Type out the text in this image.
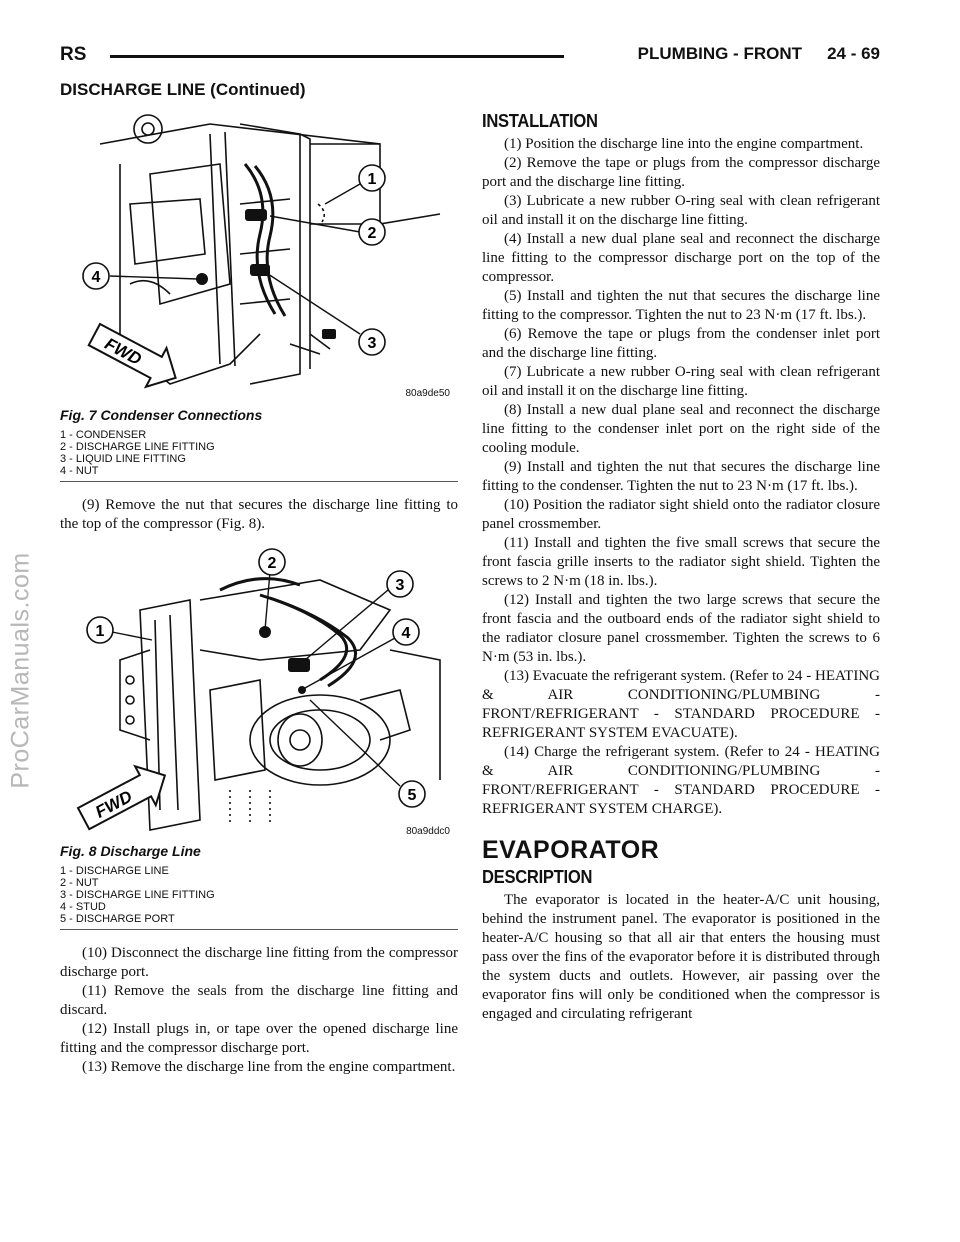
ProCarManuals.com
RS	PLUMBING - FRONT 24 - 69
DISCHARGE LINE (Continued)
1
2
3
4
FWD
80a9de50
Fig. 7 Condenser Connections
1 - CONDENSER
2 - DISCHARGE LINE FITTING
3 - LIQUID LINE FITTING
4 - NUT

(9) Remove the nut that secures the discharge line fitting to the top of the compressor (Fig. 8).

1
2
3
4
5
FWD
80a9ddc0
Fig. 8 Discharge Line
1 - DISCHARGE LINE
2 - NUT
3 - DISCHARGE LINE FITTING
4 - STUD
5 - DISCHARGE PORT

(10) Disconnect the discharge line fitting from the compressor discharge port.

(11) Remove the seals from the discharge line fitting and discard.

(12) Install plugs in, or tape over the opened discharge line fitting and the compressor discharge port.

(13) Remove the discharge line from the engine compartment.

INSTALLATION

(1) Position the discharge line into the engine compartment.

(2) Remove the tape or plugs from the compressor discharge port and the discharge line fitting.

(3) Lubricate a new rubber O-ring seal with clean refrigerant oil and install it on the discharge line fitting.

(4) Install a new dual plane seal and reconnect the discharge line fitting to the compressor discharge port on the top of the compressor.

(5) Install and tighten the nut that secures the discharge line fitting to the compressor. Tighten the nut to 23 N·m (17 ft. lbs.).

(6) Remove the tape or plugs from the condenser inlet port and the discharge line fitting.

(7) Lubricate a new rubber O-ring seal with clean refrigerant oil and install it on the discharge line fitting.

(8) Install a new dual plane seal and reconnect the discharge line fitting to the condenser inlet port on the right side of the cooling module.

(9) Install and tighten the nut that secures the discharge line fitting to the condenser. Tighten the nut to 23 N·m (17 ft. lbs.).

(10) Position the radiator sight shield onto the radiator closure panel crossmember.

(11) Install and tighten the five small screws that secure the front fascia grille inserts to the radiator sight shield. Tighten the screws to 2 N·m (18 in. lbs.).

(12) Install and tighten the two large screws that secure the front fascia and the outboard ends of the radiator sight shield to the radiator closure panel crossmember. Tighten the screws to 6 N·m (53 in. lbs.).

(13) Evacuate the refrigerant system. (Refer to 24 - HEATING & AIR CONDITIONING/PLUMBING - FRONT/REFRIGERANT - STANDARD PROCEDURE - REFRIGERANT SYSTEM EVACUATE).

(14) Charge the refrigerant system. (Refer to 24 - HEATING & AIR CONDITIONING/PLUMBING - FRONT/REFRIGERANT - STANDARD PROCEDURE - REFRIGERANT SYSTEM CHARGE).

EVAPORATOR
DESCRIPTION

The evaporator is located in the heater-A/C unit housing, behind the instrument panel. The evaporator is positioned in the heater-A/C housing so that all air that enters the housing must pass over the fins of the evaporator before it is distributed through the system ducts and outlets. However, air passing over the evaporator fins will only be conditioned when the compressor is engaged and circulating refrigerant
